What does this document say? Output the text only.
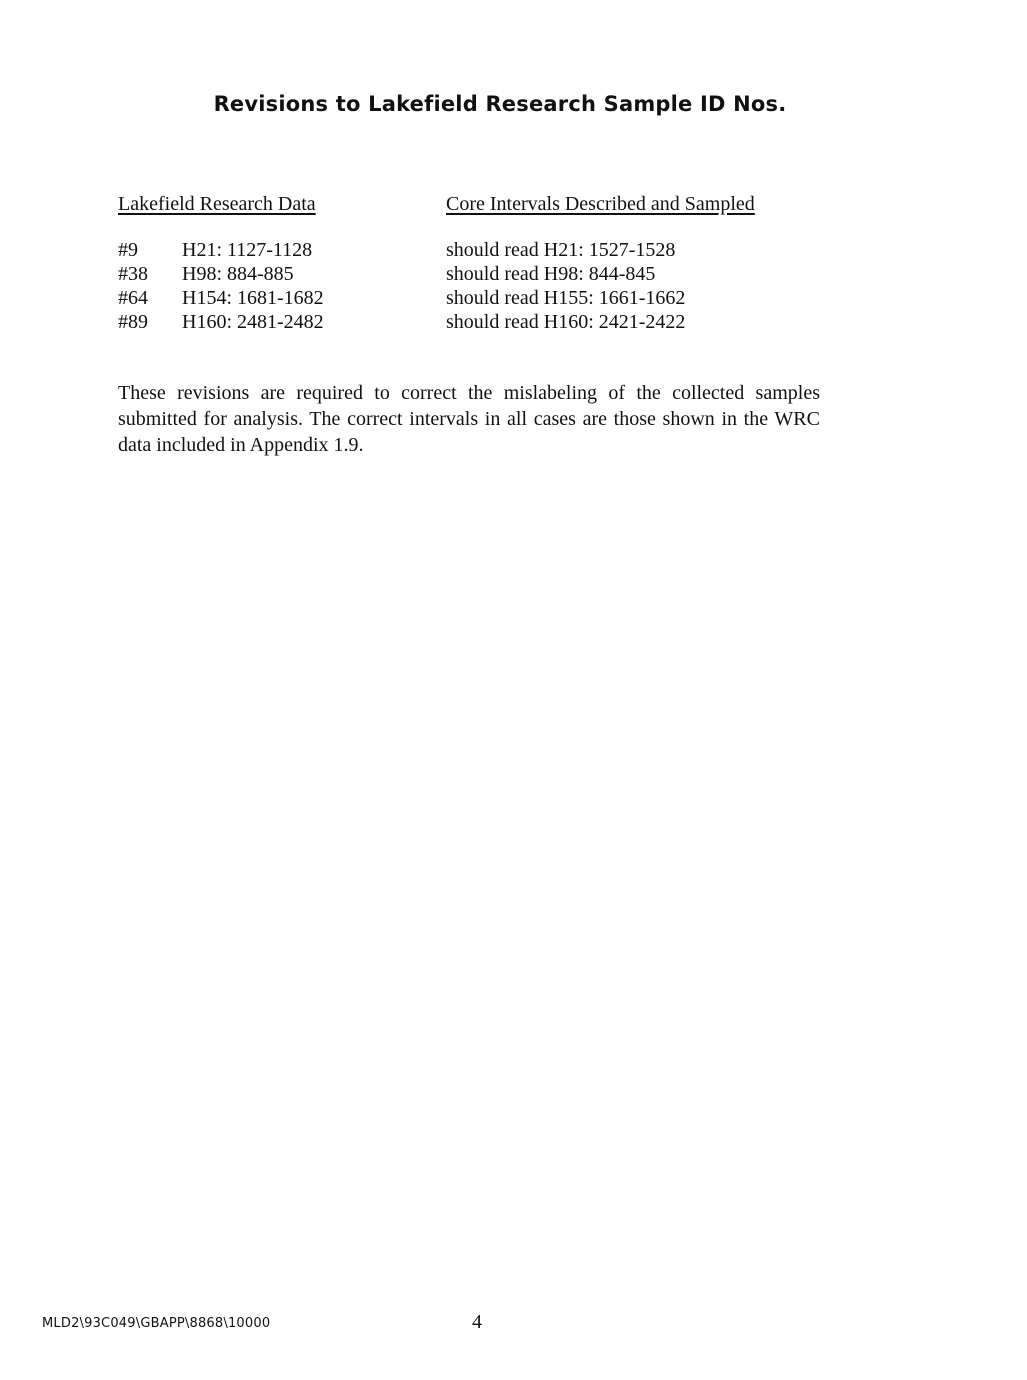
Revisions to Lakefield Research Sample ID Nos.
Lakefield Research Data	Core Intervals Described and Sampled
#9 H21: 1127-1128	should read H21: 1527-1528
#38 H98: 884-885	should read H98: 844-845
#64 H154: 1681-1682	should read H155: 1661-1662
#89 H160: 2481-2482	should read H160: 2421-2422
These revisions are required to correct the mislabeling of the collected samples submitted for analysis. The correct intervals in all cases are those shown in the WRC data included in Appendix 1.9.
MLD2\93C049\GBAPP\8868\10000	4
